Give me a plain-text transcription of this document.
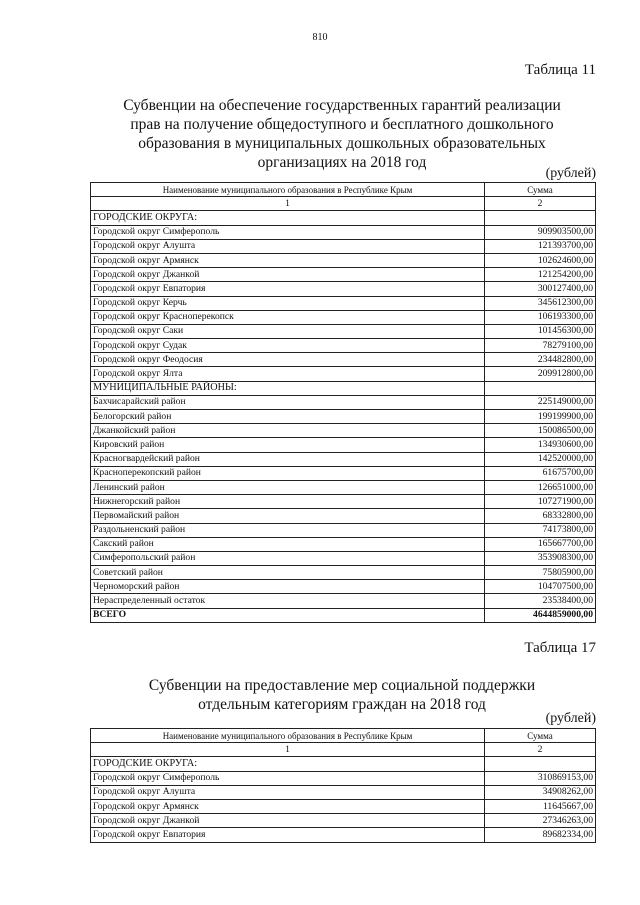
810
Таблица 11
Субвенции на обеспечение государственных гарантий реализации
прав на получение общедоступного и бесплатного дошкольного
образования в муниципальных дошкольных образовательных
организациях на 2018 год
(рублей)
Наименование муниципального образования в Республике Крым	Сумма
1	2
ГОРОДСКИЕ ОКРУГА:	
Городской округ Симферополь	909903500,00
Городской округ Алушта	121393700,00
Городской округ Армянск	102624600,00
Городской округ Джанкой	121254200,00
Городской округ Евпатория	300127400,00
Городской округ Керчь	345612300,00
Городской округ Красноперекопск	106193300,00
Городской округ Саки	101456300,00
Городской округ Судак	78279100,00
Городской округ Феодосия	234482800,00
Городской округ Ялта	209912800,00
МУНИЦИПАЛЬНЫЕ РАЙОНЫ:	
Бахчисарайский район	225149000,00
Белогорский район	199199900,00
Джанкойский район	150086500,00
Кировский район	134930600,00
Красногвардейский район	142520000,00
Красноперекопский район	61675700,00
Ленинский район	126651000,00
Нижнегорский район	107271900,00
Первомайский район	68332800,00
Раздольненский район	74173800,00
Сакский район	165667700,00
Симферопольский район	353908300,00
Советский район	75805900,00
Черноморский район	104707500,00
Нераспределенный остаток	23538400,00
ВСЕГО	4644859000,00
Таблица 17
Субвенции на предоставление мер социальной поддержки
отдельным категориям граждан на 2018 год
(рублей)
Наименование муниципального образования в Республике Крым	Сумма
1	2
ГОРОДСКИЕ ОКРУГА:	
Городской округ Симферополь	310869153,00
Городской округ Алушта	34908262,00
Городской округ Армянск	11645667,00
Городской округ Джанкой	27346263,00
Городской округ Евпатория	89682334,00
